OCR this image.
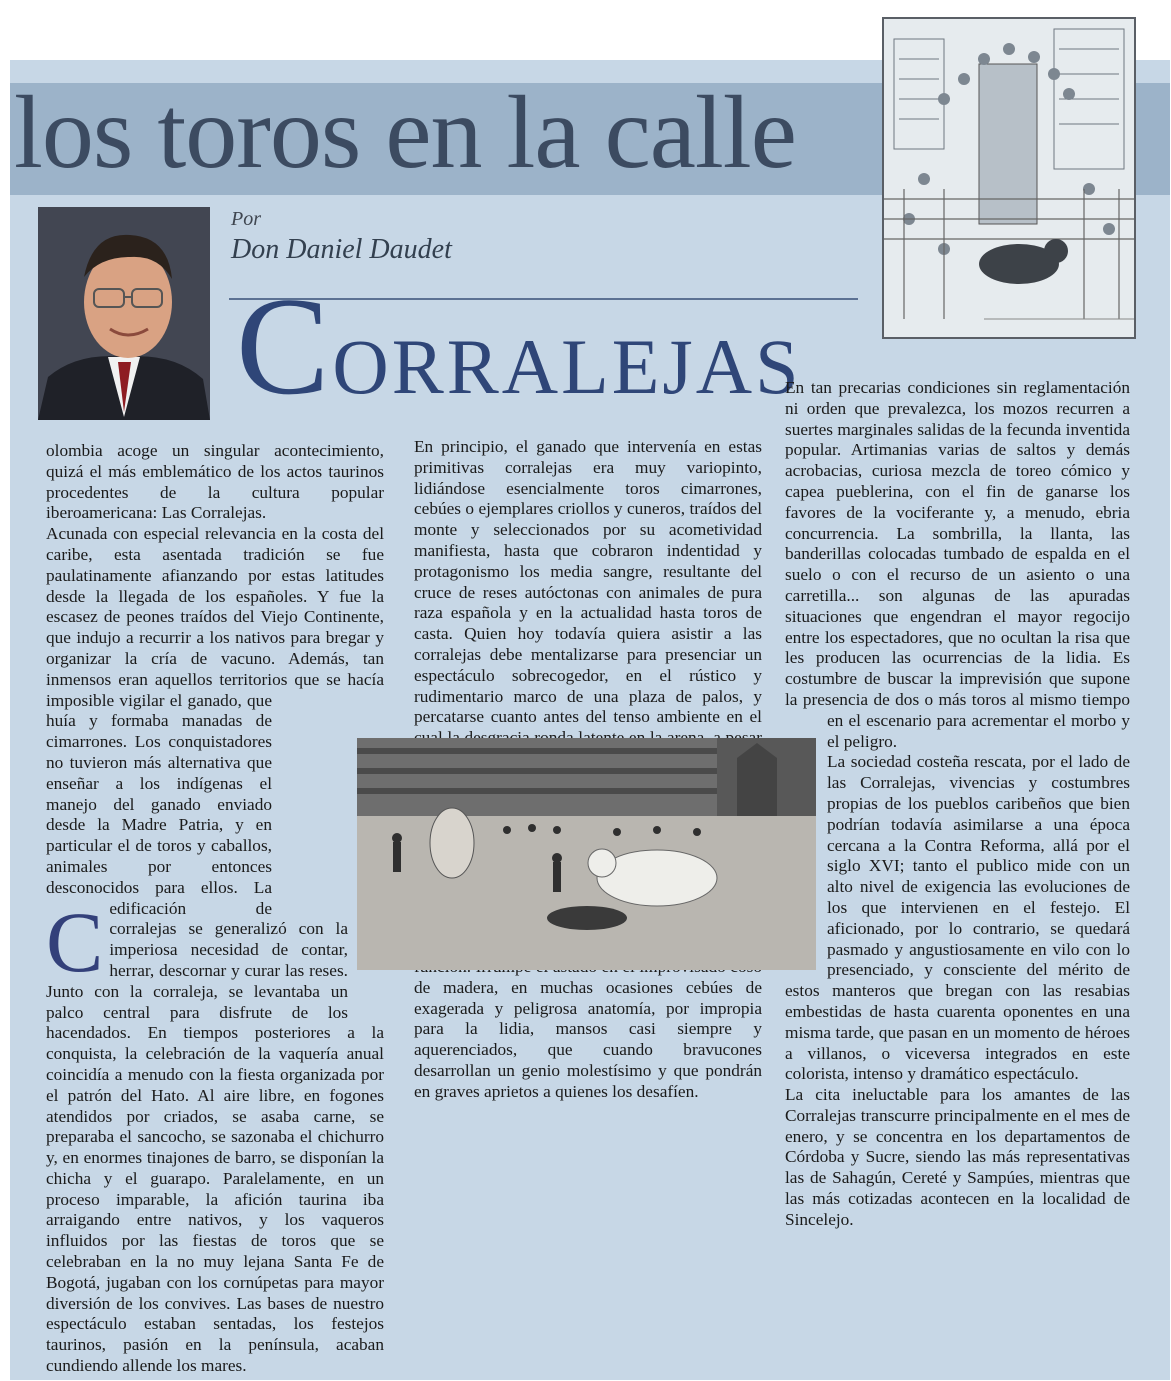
los toros en la calle
Por
Don Daniel Daudet
CORRALEJAS
C

olombia acoge un singular acontecimiento, quizá el más emblemático de los actos taurinos procedentes de la cultura popular iberoamericana: Las Corralejas.

Acunada con especial relevancia en la costa del caribe, esta asentada tradición se fue paulatinamente afianzando por estas latitudes desde la llegada de los españoles. Y fue la escasez de peones traídos del Viejo Continente, que indujo a recurrir a los nativos para bregar y organizar la cría de vacuno. Además, tan inmensos eran aquellos territorios que se hacía imposible vigilar el ganado, que huía y formaba manadas de cimarrones. Los conquistadores no tuvieron más alternativa que enseñar a los indígenas el manejo del ganado enviado desde la Madre Patria, y en particular el de toros y caballos, animales por entonces desconocidos para ellos. La edificación de corralejas se generalizó con la imperiosa necesidad de contar, herrar, descornar y curar las reses. Junto con la corraleja, se levantaba un palco central para disfrute de los hacendados. En tiempos posteriores a la conquista, la celebración de la vaquería anual coincidía a menudo con la fiesta organizada por el patrón del Hato. Al aire libre, en fogones atendidos por criados, se asaba carne, se preparaba el sancocho, se sazonaba el chichurro y, en enormes tinajones de barro, se disponían la chicha y el guarapo. Paralelamente, en un proceso imparable, la afición taurina iba arraigando entre nativos, y los vaqueros influidos por las fiestas de toros que se celebraban en la no muy lejana Santa Fe de Bogotá, jugaban con los cornúpetas para mayor diversión de los convives. Las bases de nuestro espectáculo estaban sentadas, los festejos taurinos, pasión en la península, acaban cundiendo allende los mares.

En principio, el ganado que intervenía en estas primitivas corralejas era muy variopinto, lidiándose esencialmente toros cimarrones, cebúes o ejemplares criollos y cuneros, traídos del monte y seleccionados por su acometividad manifiesta, hasta que cobraron indentidad y protagonismo los media sangre, resultante del cruce de reses autóctonas con animales de pura raza española y en la actualidad hasta toros de casta. Quien hoy todavía quiera asistir a las corralejas debe mentalizarse para presenciar un espectáculo sobrecogedor, en el rústico y rudimentario marco de una plaza de palos, y percatarse cuanto antes del tenso ambiente en el

de madera, en muchas ocasiones cebúes de exagerada y peligrosa anatomía, por impropia para la lidia, mansos casi siempre y aquerenciados, que cuando bravucones desarrollan un genio molestísimo y que pondrán en graves aprietos a quienes los desafíen.

En tan precarias condiciones sin reglamentación ni orden que prevalezca, los mozos recurren a suertes marginales salidas de la fecunda inventida popular. Artimanias varias de saltos y demás acrobacias, curiosa mezcla de toreo cómico y capea pueblerina, con el fin de ganarse los favores de la vociferante y, a menudo, ebria concurrencia. La sombrilla, la llanta, las banderillas colocadas tumbado de espalda en el suelo o con el recurso de un asiento o una carretilla... son algunas de las apuradas situaciones que engendran el mayor regocijo entre los espectadores, que no ocultan la risa que les producen las ocurrencias de la lidia. Es costumbre de buscar la imprevisión que supone la presencia de dos o más toros al mismo tiempo en el escenario para acrementar el morbo y el peligro.

La sociedad costeña rescata, por el lado de las Corralejas, vivencias y costumbres propias de los pueblos caribeños que bien podrían todavía asimilarse a una época cercana a la Contra Reforma, allá por el siglo XVI; tanto el publico mide con un alto nivel de exigencia las evoluciones de los que intervienen en el festejo. El aficionado, por lo contrario, se quedará pasmado y angustiosamente en vilo con lo presenciado, y consciente del mérito de estos manteros que bregan con las resabias embestidas de hasta cuarenta oponentes en una misma tarde, que pasan en un momento de héroes a villanos, o viceversa integrados en este colorista, intenso y dramático espectáculo.

La cita ineluctable para los amantes de las Corralejas transcurre principalmente en el mes de enero, y se concentra en los departamentos de Córdoba y Sucre, siendo las más representativas las de Sahagún, Cereté y Sampúes, mientras que las más cotizadas acontecen en la localidad de Sincelejo.
